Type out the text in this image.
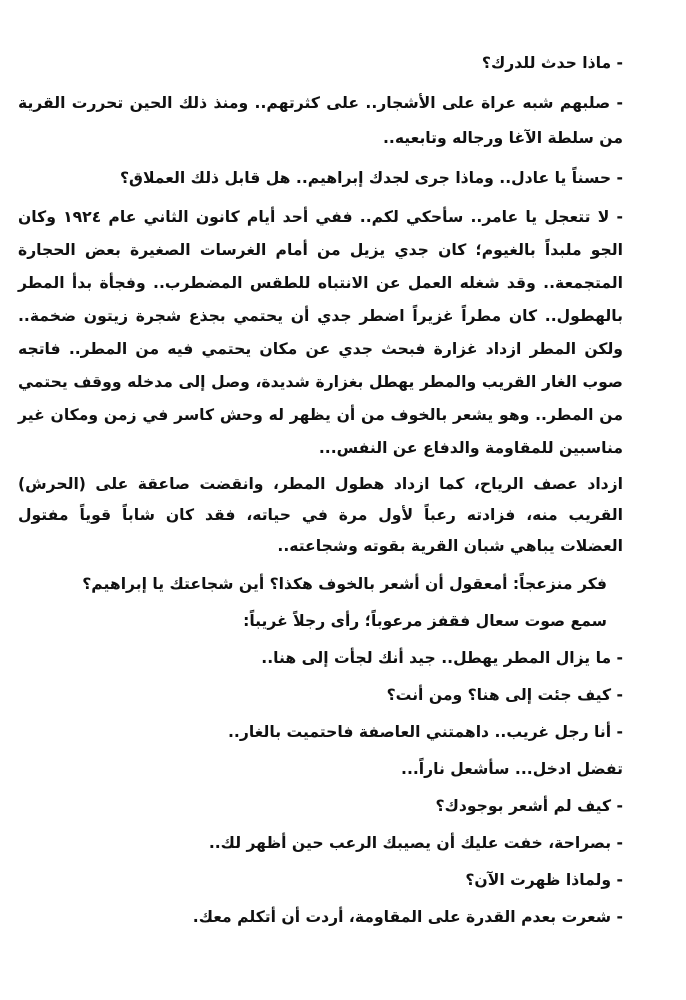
- ماذا حدث للدرك؟

- صلبهم شبه عراة على الأشجار.. على كثرتهم.. ومنذ ذلك الحين تحررت القرية من سلطة الآغا ورجاله وتابعيه..

- حسناً يا عادل.. وماذا جرى لجدك إبراهيم.. هل قابل ذلك العملاق؟

- لا تتعجل يا عامر.. سأحكي لكم.. ففي أحد أيام كانون الثاني عام ١٩٢٤ وكان الجو ملبداً بالغيوم؛ كان جدي يزيل من أمام الغرسات الصغيرة بعض الحجارة المتجمعة.. وقد شغله العمل عن الانتباه للطقس المضطرب.. وفجأة بدأ المطر بالهطول.. كان مطراً غزيراً اضطر جدي أن يحتمي بجذع شجرة زيتون ضخمة.. ولكن المطر ازداد غزارة فبحث جدي عن مكان يحتمي فيه من المطر.. فاتجه صوب الغار القريب والمطر يهطل بغزارة شديدة، وصل إلى مدخله ووقف يحتمي من المطر.. وهو يشعر بالخوف من أن يظهر له وحش كاسر في زمن ومكان غير مناسبين للمقاومة والدفاع عن النفس...

ازداد عصف الرياح، كما ازداد هطول المطر، وانقضت صاعقة على (الحرش) القريب منه، فزادته رعباً لأول مرة في حياته، فقد كان شاباً قوياً مفتول العضلات يباهي شبان القرية بقوته وشجاعته..

فكر منزعجاً: أمعقول أن أشعر بالخوف هكذا؟ أين شجاعتك يا إبراهيم؟

سمع صوت سعال فقفز مرعوباً؛ رأى رجلاً غريباً:

- ما يزال المطر يهطل.. جيد أنك لجأت إلى هنا..

- كيف جئت إلى هنا؟ ومن أنت؟

- أنا رجل غريب.. داهمتني العاصفة فاحتميت بالغار..

تفضل ادخل... سأشعل ناراً...

- كيف لم أشعر بوجودك؟

- بصراحة، خفت عليك أن يصيبك الرعب حين أظهر لك..

- ولماذا ظهرت الآن؟

- شعرت بعدم القدرة على المقاومة، أردت أن أتكلم معك.
